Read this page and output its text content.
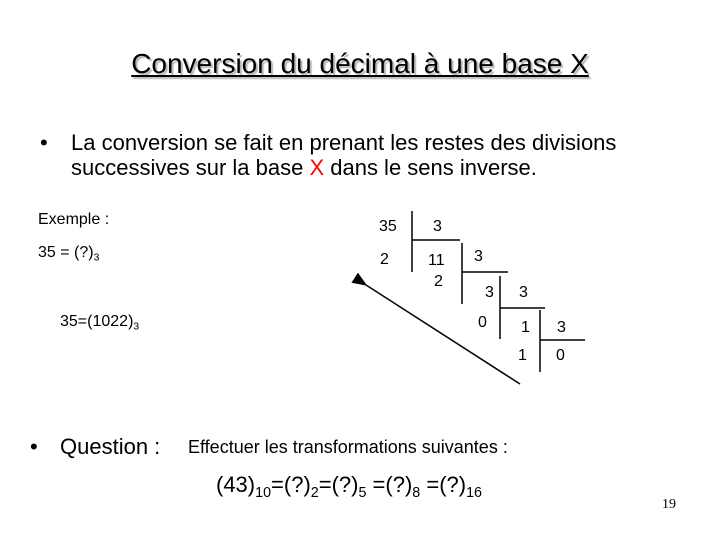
Conversion du décimal à une base X
• La conversion se fait en prenant les restes des divisions
successives sur la base X dans le sens inverse.
Exemple :
$35 = (?)_3$
$35=(1022)_3$
35 3
2 11 3
2
3 3
0 1 3
1 0
• Question : Effectuer les transformations suivantes :
$(43)_{10}=(?)_2=(?)_5$ $=(?)_8$ $=(?)_{16}$
19
